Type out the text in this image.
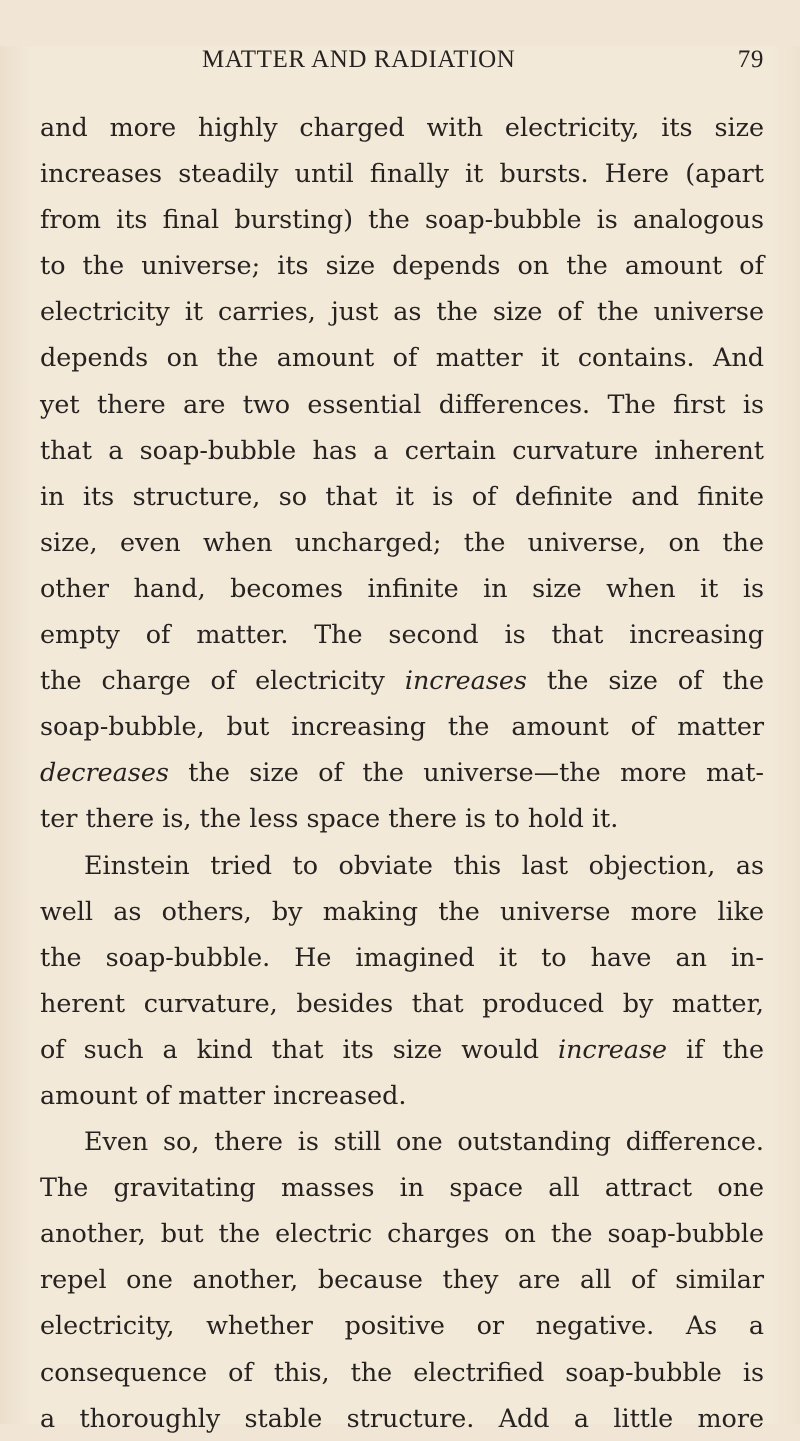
MATTER AND RADIATION	79
and more highly charged with electricity, its size
increases steadily until finally it bursts. Here (apart
from its final bursting) the soap-bubble is analogous
to the universe; its size depends on the amount of
electricity it carries, just as the size of the universe
depends on the amount of matter it contains. And
yet there are two essential differences. The first is
that a soap-bubble has a certain curvature inherent
in its structure, so that it is of definite and finite
size, even when uncharged; the universe, on the
other hand, becomes infinite in size when it is
empty of matter. The second is that increasing
the charge of electricity increases the size of the
soap-bubble, but increasing the amount of matter
decreases the size of the universe—the more mat-
ter there is, the less space there is to hold it.
Einstein tried to obviate this last objection, as
well as others, by making the universe more like
the soap-bubble. He imagined it to have an in-
herent curvature, besides that produced by matter,
of such a kind that its size would increase if the
amount of matter increased.
Even so, there is still one outstanding difference.
The gravitating masses in space all attract one
another, but the electric charges on the soap-bubble
repel one another, because they are all of similar
electricity, whether positive or negative. As a
consequence of this, the electrified soap-bubble is
a thoroughly stable structure. Add a little more
